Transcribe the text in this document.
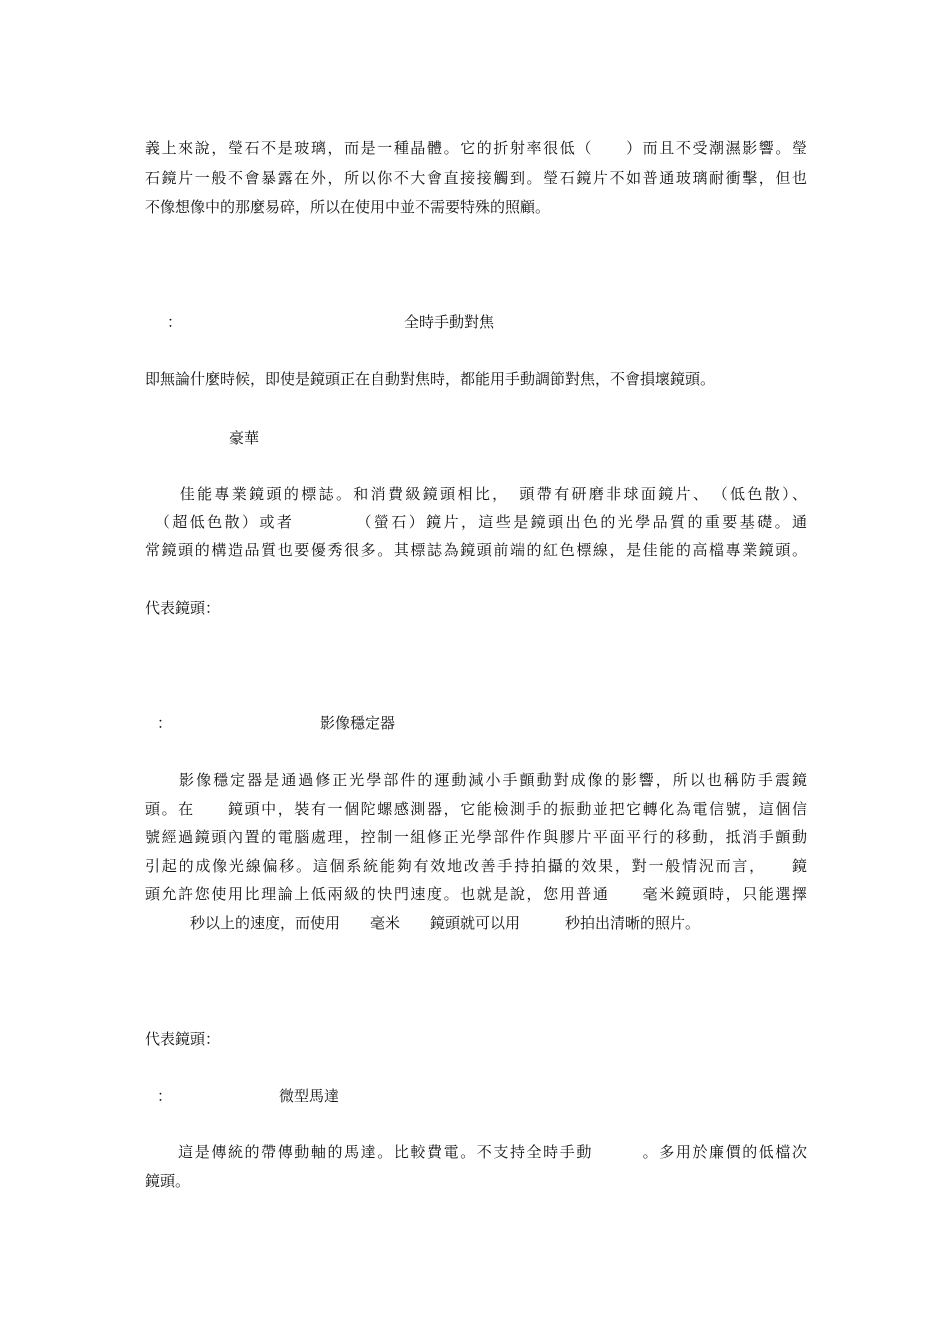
義上來說，瑩石不是玻璃，而是一種晶體。它的折射率很低（　　）而且不受潮濕影響。瑩
石鏡片一般不會暴露在外，所以你不大會直接接觸到。瑩石鏡片不如普通玻璃耐衝擊，但也
不像想像中的那麼易碎，所以在使用中並不需要特殊的照顧。
：	全時手動對焦
即無論什麼時候，即使是鏡頭正在自動對焦時，都能用手動調節對焦，不會損壞鏡頭。
豪華
　　佳能專業鏡頭的標誌。和消費級鏡頭相比，　頭帶有研磨非球面鏡片、　（低色散）、
　（超低色散）或者　　　　（螢石）鏡片，這些是鏡頭出色的光學品質的重要基礎。通
常鏡頭的構造品質也要優秀很多。其標誌為鏡頭前端的紅色標線，是佳能的高檔專業鏡頭。
代表鏡頭：
：	影像穩定器
　　影像穩定器是通過修正光學部件的運動減小手顫動對成像的影響，所以也稱防手震鏡
頭。在　　鏡頭中，裝有一個陀螺感測器，它能檢測手的振動並把它轉化為電信號，這個信
號經過鏡頭內置的電腦處理，控制一組修正光學部件作與膠片平面平行的移動，抵消手顫動
引起的成像光線偏移。這個系統能夠有效地改善手持拍攝的效果，對一般情況而言，　　鏡
頭允許您使用比理論上低兩級的快門速度。也就是說，您用普通　　毫米鏡頭時，只能選擇
　　　秒以上的速度，而使用　　毫米　　鏡頭就可以用　　　秒拍出清晰的照片。
代表鏡頭：
：	微型馬達
　　這是傳統的帶傳動軸的馬達。比較費電。不支持全時手動　　　。多用於廉價的低檔次
鏡頭。
